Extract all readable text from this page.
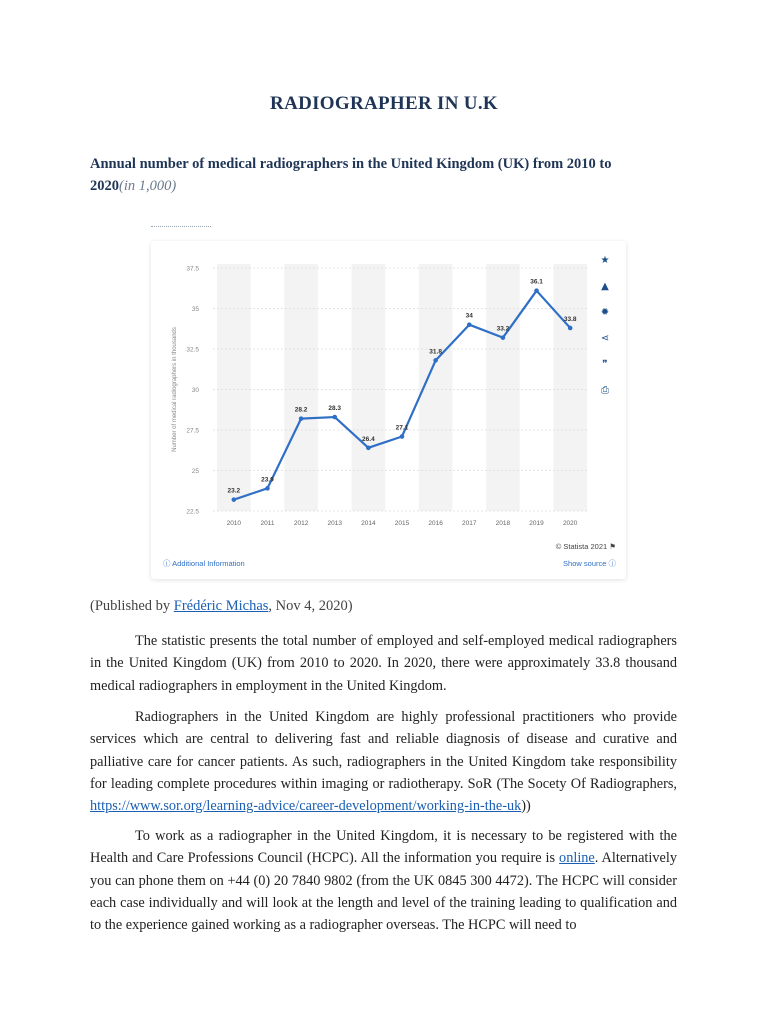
RADIOGRAPHER IN U.K
Annual number of medical radiographers in the United Kingdom (UK) from 2010 to 2020(in 1,000)
22.5
25
27.5
30
32.5
35
37.5
Number of medical radiographers in thousands
2010	2011	2012	2013	2014	2015	2016	2017	2018	2019	2020
23.2
23.9
28.2	28.3
26.4
27.1
31.8
34
33.2
36.1
33.8
★
▲
✹
⋖
❞
⎙
© Statista 2021 ⚑
ⓘ Additional Information	Show source ⓘ
(Published by Frédéric Michas, Nov 4, 2020)

The statistic presents the total number of employed and self-employed medical radiographers in the United Kingdom (UK) from 2010 to 2020. In 2020, there were approximately 33.8 thousand medical radiographers in employment in the United Kingdom.

Radiographers in the United Kingdom are highly professional practitioners who provide services which are central to delivering fast and reliable diagnosis of disease and curative and palliative care for cancer patients. As such, radiographers in the United Kingdom take responsibility for leading complete procedures within imaging or radiotherapy. SoR (The Socety Of Radiographers, https://www.sor.org/learning-advice/career-development/working-in-the-uk))

To work as a radiographer in the United Kingdom, it is necessary to be registered with the Health and Care Professions Council (HCPC). All the information you require is online. Alternatively you can phone them on +44 (0) 20 7840 9802 (from the UK 0845 300 4472). The HCPC will consider each case individually and will look at the length and level of the training leading to qualification and to the experience gained working as a radiographer overseas. The HCPC will need to
